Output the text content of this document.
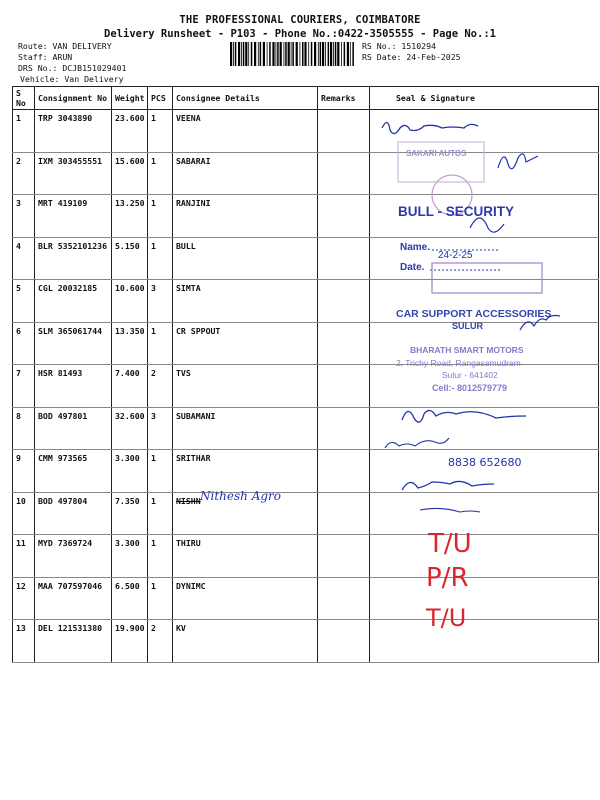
THE PROFESSIONAL COURIERS, COIMBATORE
Delivery Runsheet - P103 - Phone No.:0422-3505555 - Page No.:1
Route: VAN DELIVERY
Staff: ARUN
DRS No.: DCJB151029401
Vehicle: Van Delivery
RS No.: 1510294
RS Date: 24-Feb-2025
S No	Consignment No	Weight	PCS	Consignee Details	Remarks	Seal & Signature
1	TRP 3043890	23.600	1	VEENA		
2	IXM 303455551	15.600	1	SABARAI		
3	MRT 419109	13.250	1	RANJINI		
4	BLR 5352101236	5.150	1	BULL		
5	CGL 20032185	10.600	3	SIMTA		
6	SLM 365061744	13.350	1	CR SPPOUT		
7	HSR 81493	7.400	2	TVS		
8	BOD 497801	32.600	3	SUBAMANI		
9	CMM 973565	3.300	1	SRITHAR		
10	BOD 497804	7.350	1	NISHN		
11	MYD 7369724	3.300	1	THIRU		
12	MAA 707597046	6.500	1	DYNIMC		
13	DEL 121531380	19.900	2	KV		
SAKARI AUTOS
BULL - SECURITY
Name.
24-2-25
Date.
CAR SUPPORT ACCESSORIES
SULUR
BHARATH SMART MOTORS
2, Trichy Road, Rangasamudram
Sulur - 641402
Cell:- 8012579779
8838 652680
Nithesh Agro
T/U
P/R
T/U
